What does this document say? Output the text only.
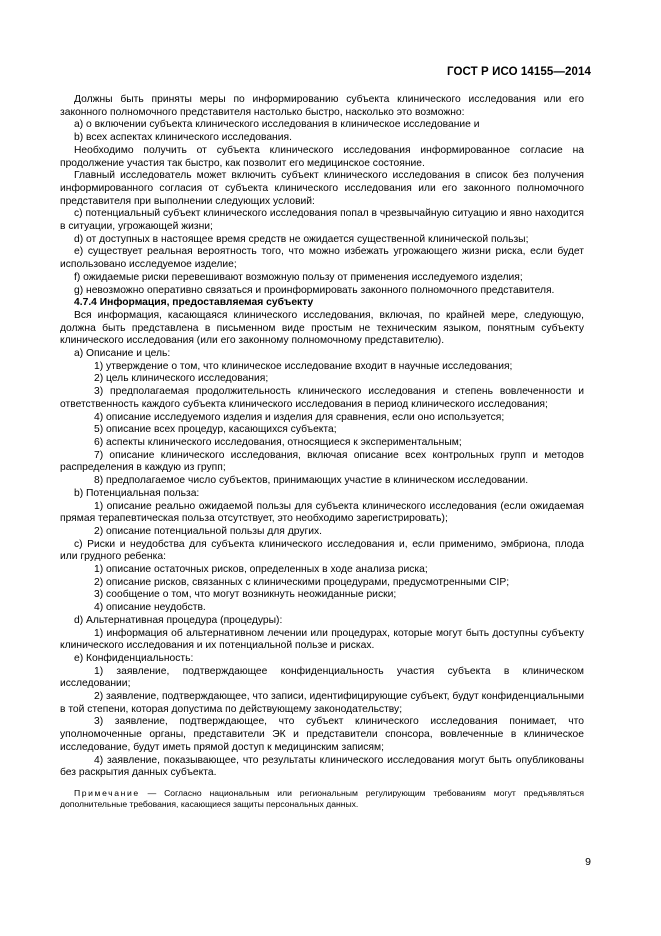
ГОСТ Р ИСО 14155—2014

Должны быть приняты меры по информированию субъекта клинического исследования или его законного полномочного представителя настолько быстро, насколько это возможно:

a) о включении субъекта клинического исследования в клиническое исследование и

b) всех аспектах клинического исследования.

Необходимо получить от субъекта клинического исследования информированное согласие на продолжение участия так быстро, как позволит его медицинское состояние.

Главный исследователь может включить субъект клинического исследования в список без получения информированного согласия от субъекта клинического исследования или его законного полномочного представителя при выполнении следующих условий:

c) потенциальный субъект клинического исследования попал в чрезвычайную ситуацию и явно находится в ситуации, угрожающей жизни;

d) от доступных в настоящее время средств не ожидается существенной клинической пользы;

e) существует реальная вероятность того, что можно избежать угрожающего жизни риска, если будет использовано исследуемое изделие;

f) ожидаемые риски перевешивают возможную пользу от применения исследуемого изделия;

g) невозможно оперативно связаться и проинформировать законного полномочного представителя.

4.7.4 Информация, предоставляемая субъекту

Вся информация, касающаяся клинического исследования, включая, по крайней мере, следующую, должна быть представлена в письменном виде простым не техническим языком, понятным субъекту клинического исследования (или его законному полномочному представителю).

a) Описание и цель:

1) утверждение о том, что клиническое исследование входит в научные исследования;

2) цель клинического исследования;

3) предполагаемая продолжительность клинического исследования и степень вовлеченности и ответственность каждого субъекта клинического исследования в период клинического исследования;

4) описание исследуемого изделия и изделия для сравнения, если оно используется;

5) описание всех процедур, касающихся субъекта;

6) аспекты клинического исследования, относящиеся к экспериментальным;

7) описание клинического исследования, включая описание всех контрольных групп и методов распределения в каждую из групп;

8) предполагаемое число субъектов, принимающих участие в клиническом исследовании.

b) Потенциальная польза:

1) описание реально ожидаемой пользы для субъекта клинического исследования (если ожидаемая прямая терапевтическая польза отсутствует, это необходимо зарегистрировать);

2) описание потенциальной пользы для других.

c) Риски и неудобства для субъекта клинического исследования и, если применимо, эмбриона, плода или грудного ребенка:

1) описание остаточных рисков, определенных в ходе анализа риска;

2) описание рисков, связанных с клиническими процедурами, предусмотренными CIP;

3) сообщение о том, что могут возникнуть неожиданные риски;

4) описание неудобств.

d) Альтернативная процедура (процедуры):

1) информация об альтернативном лечении или процедурах, которые могут быть доступны субъекту клинического исследования и их потенциальной пользе и рисках.

e) Конфиденциальность:

1) заявление, подтверждающее конфиденциальность участия субъекта в клиническом исследовании;

2) заявление, подтверждающее, что записи, идентифицирующие субъект, будут конфиденциальными в той степени, которая допустима по действующему законодательству;

3) заявление, подтверждающее, что субъект клинического исследования понимает, что уполномоченные органы, представители ЭК и представители спонсора, вовлеченные в клиническое исследование, будут иметь прямой доступ к медицинским записям;

4) заявление, показывающее, что результаты клинического исследования могут быть опубликованы без раскрытия данных субъекта.

Примечание — Согласно национальным или региональным регулирующим требованиям могут предъявляться дополнительные требования, касающиеся защиты персональных данных.

9
